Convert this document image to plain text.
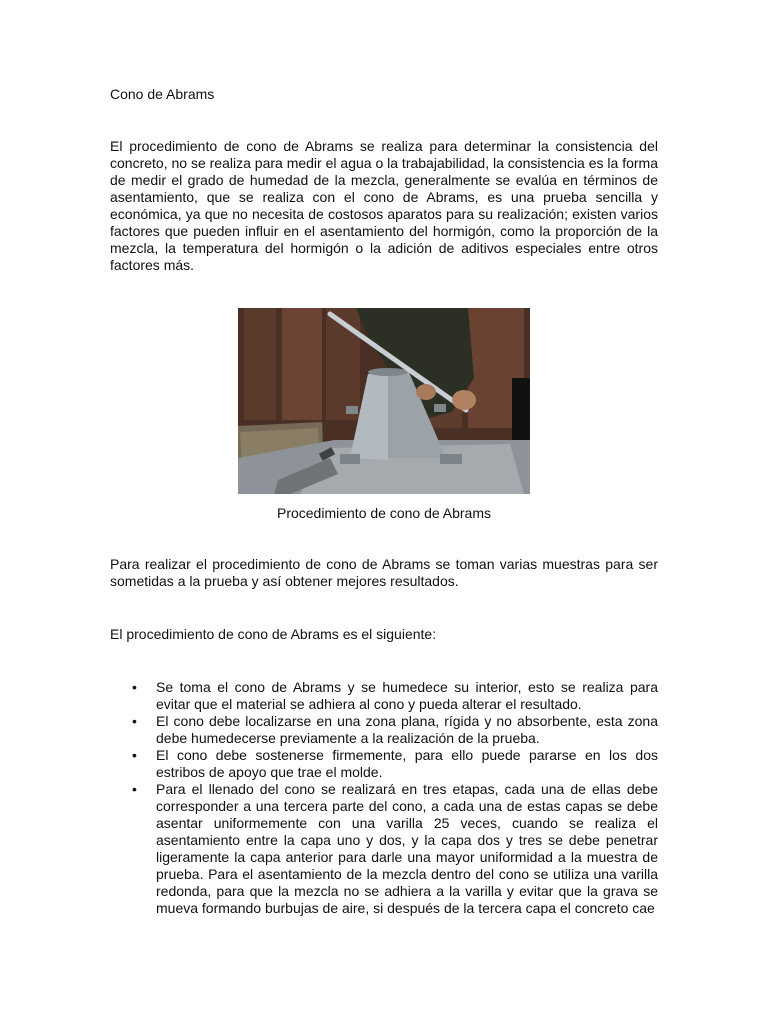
Cono de Abrams

El procedimiento de cono de Abrams se realiza para determinar la consistencia del concreto, no se realiza para medir el agua o la trabajabilidad, la consistencia es la forma de medir el grado de humedad de la mezcla, generalmente se evalúa en términos de asentamiento, que se realiza con el cono de Abrams, es una prueba sencilla y económica, ya que no necesita de costosos aparatos para su realización; existen varios factores que pueden influir en el asentamiento del hormigón, como la proporción de la mezcla, la temperatura del hormigón o la adición de aditivos especiales entre otros factores más.

Procedimiento de cono de Abrams

Para realizar el procedimiento de cono de Abrams se toman varias muestras para ser sometidas a la prueba y así obtener mejores resultados.

El procedimiento de cono de Abrams es el siguiente:

• Se toma el cono de Abrams y se humedece su interior, esto se realiza para evitar que el material se adhiera al cono y pueda alterar el resultado.
• El cono debe localizarse en una zona plana, rígida y no absorbente, esta zona debe humedecerse previamente a la realización de la prueba.
• El cono debe sostenerse firmemente, para ello puede pararse en los dos estribos de apoyo que trae el molde.
• Para el llenado del cono se realizará en tres etapas, cada una de ellas debe corresponder a una tercera parte del cono, a cada una de estas capas se debe asentar uniformemente con una varilla 25 veces, cuando se realiza el asentamiento entre la capa uno y dos, y la capa dos y tres se debe penetrar ligeramente la capa anterior para darle una mayor uniformidad a la muestra de prueba. Para el asentamiento de la mezcla dentro del cono se utiliza una varilla redonda, para que la mezcla no se adhiera a la varilla y evitar que la grava se mueva formando burbujas de aire, si después de la tercera capa el concreto cae
